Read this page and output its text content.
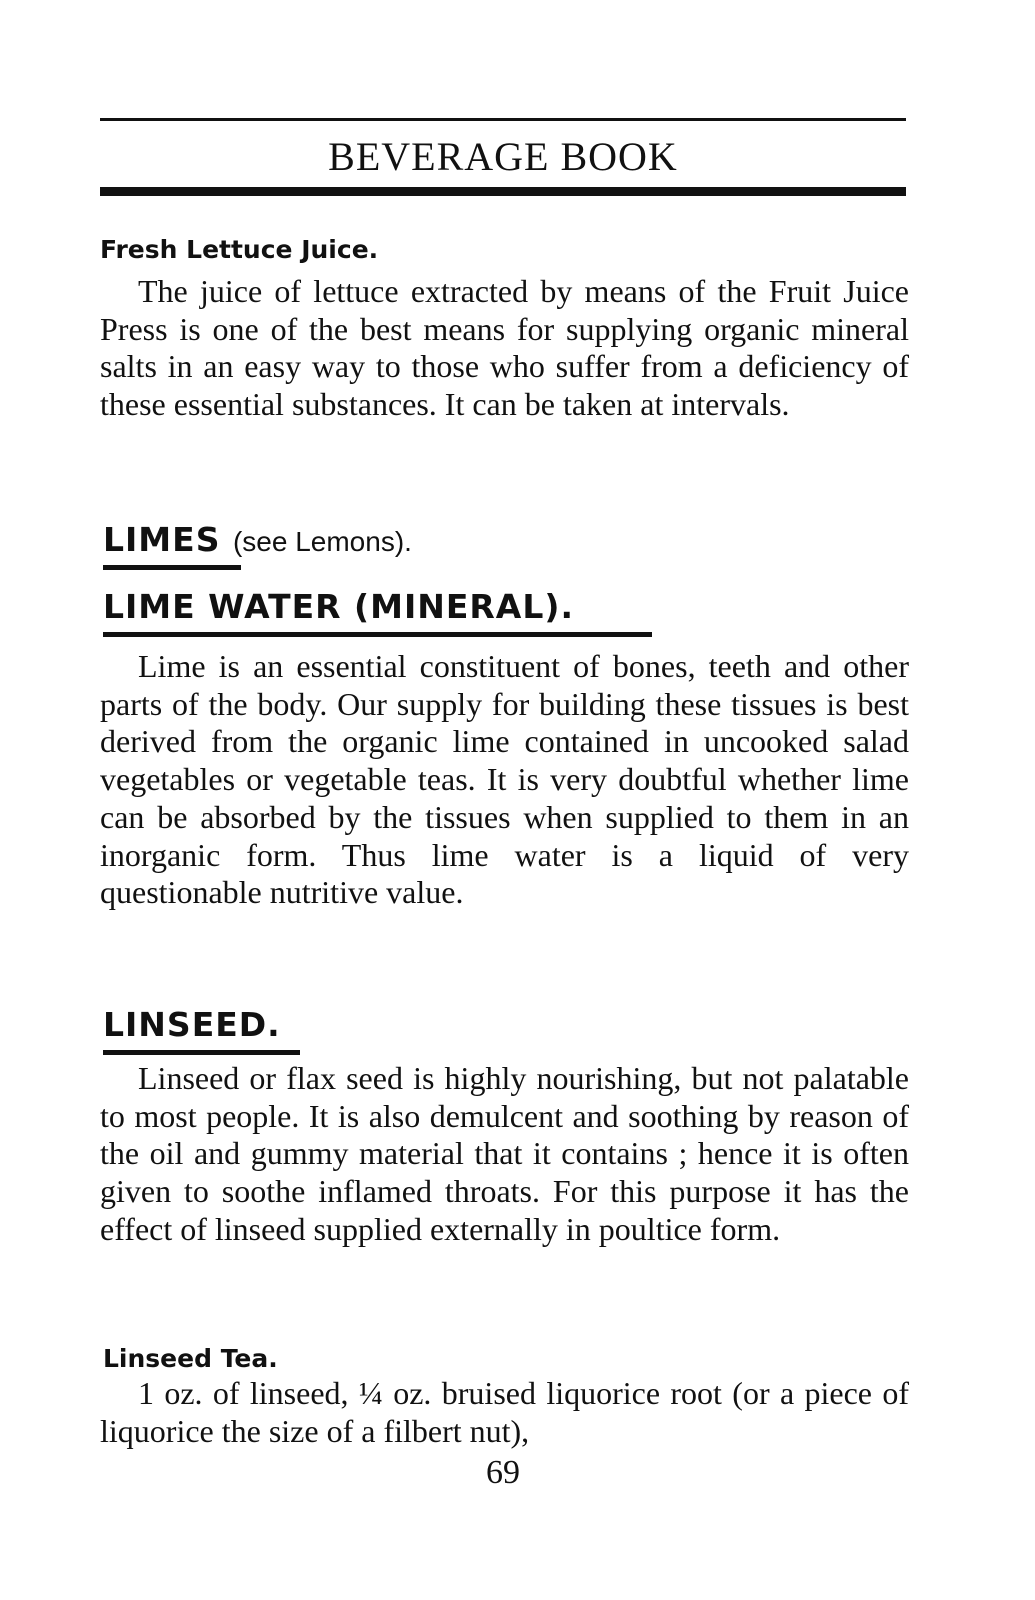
BEVERAGE BOOK
Fresh Lettuce Juice.
The juice of lettuce extracted by means of the Fruit Juice Press is one of the best means for supplying organic mineral salts in an easy way to those who suffer from a deficiency of these essential substances. It can be taken at intervals.
LIMES (see Lemons).
LIME WATER (MINERAL).
Lime is an essential constituent of bones, teeth and other parts of the body. Our supply for building these tissues is best derived from the organic lime contained in uncooked salad vegetables or vegetable teas. It is very doubtful whether lime can be absorbed by the tissues when supplied to them in an inorganic form. Thus lime water is a liquid of very questionable nutritive value.
LINSEED.
Linseed or flax seed is highly nourishing, but not palatable to most people. It is also demulcent and soothing by reason of the oil and gummy material that it contains ; hence it is often given to soothe inflamed throats. For this purpose it has the effect of linseed supplied externally in poultice form.
Linseed Tea.
1 oz. of linseed, ¼ oz. bruised liquorice root (or a piece of liquorice the size of a filbert nut),
69
